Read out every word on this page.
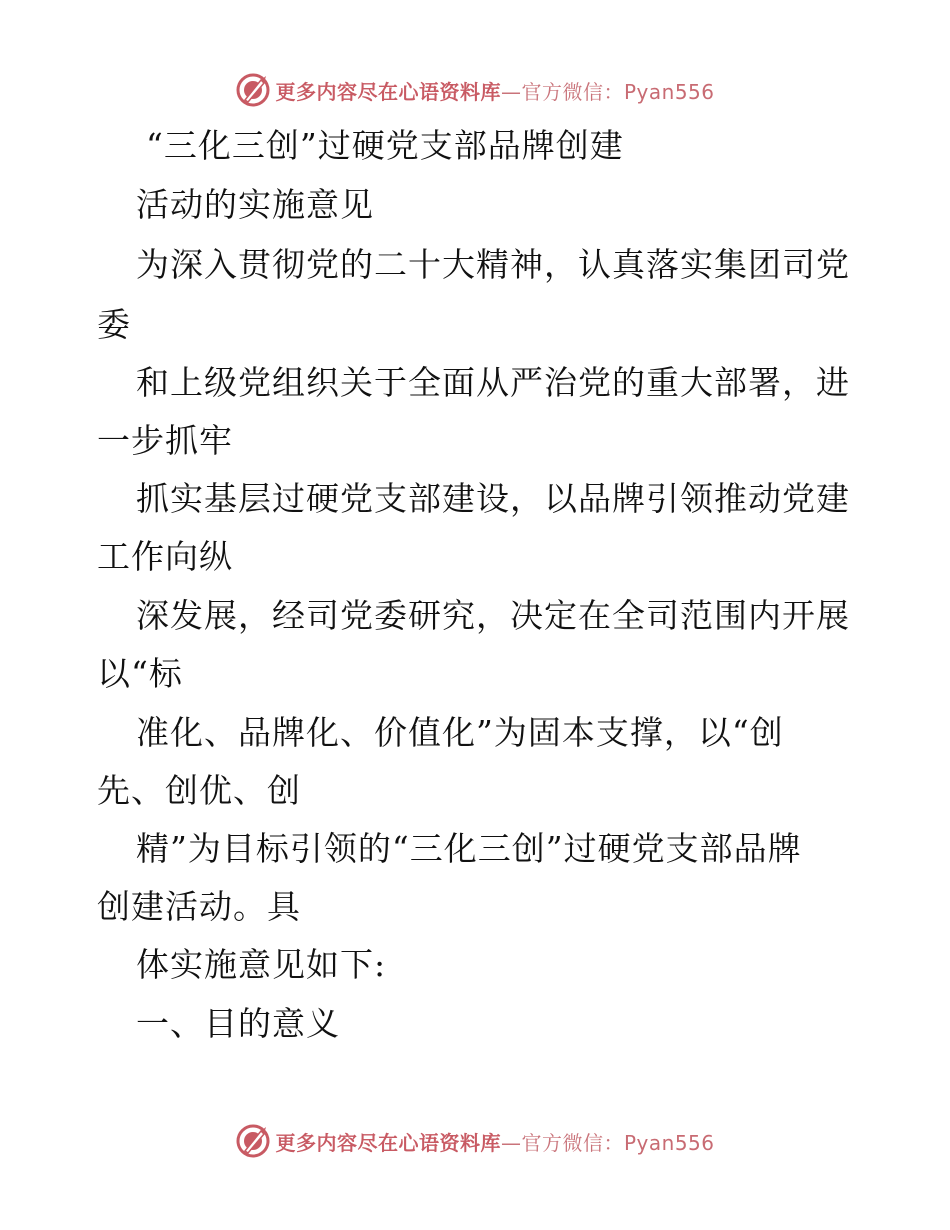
更多内容尽在心语资料库—官方微信：Pyan556
“三化三创”过硬党支部品牌创建
活动的实施意见
为深入贯彻党的二十大精神，认真落实集团司党
委
和上级党组织关于全面从严治党的重大部署，进
一步抓牢
抓实基层过硬党支部建设，以品牌引领推动党建
工作向纵
深发展，经司党委研究，决定在全司范围内开展
以“标
准化、品牌化、价值化”为固本支撑，以“创
先、创优、创
精”为目标引领的“三化三创”过硬党支部品牌
创建活动。具
体实施意见如下:
一、目的意义
更多内容尽在心语资料库—官方微信：Pyan556
